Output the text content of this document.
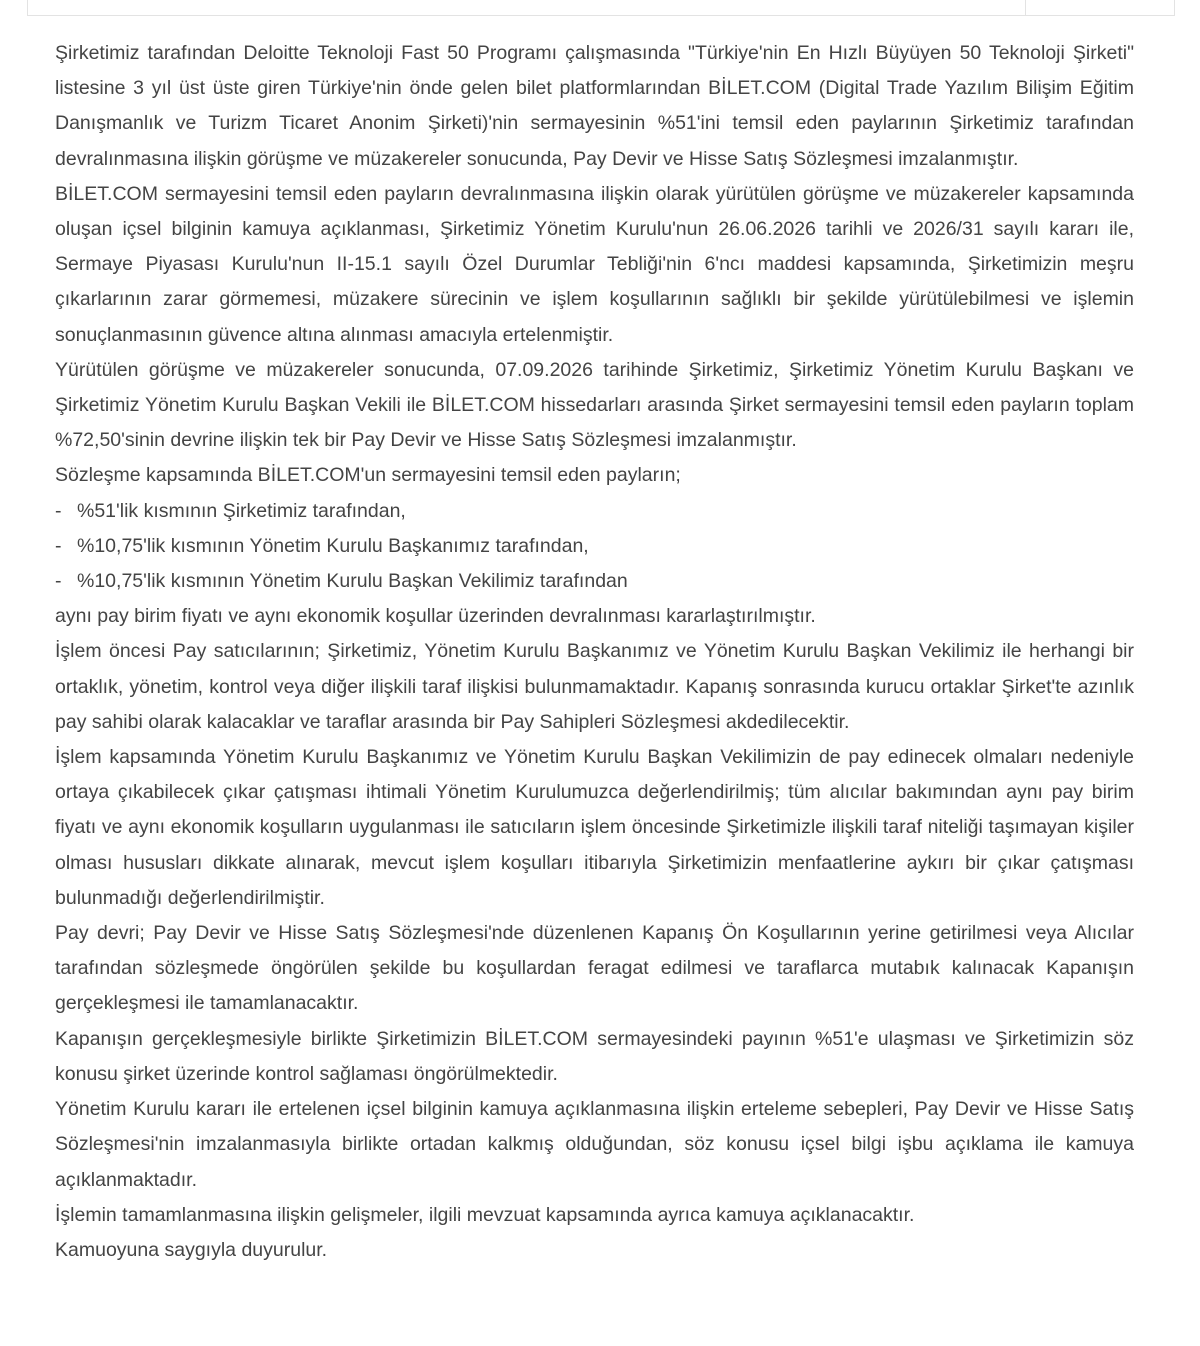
Şirketimiz tarafından Deloitte Teknoloji Fast 50 Programı çalışmasında "Türkiye'nin En Hızlı Büyüyen 50 Teknoloji Şirketi" listesine 3 yıl üst üste giren Türkiye'nin önde gelen bilet platformlarından BİLET.COM (Digital Trade Yazılım Bilişim Eğitim Danışmanlık ve Turizm Ticaret Anonim Şirketi)'nin sermayesinin %51'ini temsil eden paylarının Şirketimiz tarafından devralınmasına ilişkin görüşme ve müzakereler sonucunda, Pay Devir ve Hisse Satış Sözleşmesi imzalanmıştır.

BİLET.COM sermayesini temsil eden payların devralınmasına ilişkin olarak yürütülen görüşme ve müzakereler kapsamında oluşan içsel bilginin kamuya açıklanması, Şirketimiz Yönetim Kurulu'nun 26.06.2026 tarihli ve 2026/31 sayılı kararı ile, Sermaye Piyasası Kurulu'nun II-15.1 sayılı Özel Durumlar Tebliği'nin 6'ncı maddesi kapsamında, Şirketimizin meşru çıkarlarının zarar görmemesi, müzakere sürecinin ve işlem koşullarının sağlıklı bir şekilde yürütülebilmesi ve işlemin sonuçlanmasının güvence altına alınması amacıyla ertelenmiştir.

Yürütülen görüşme ve müzakereler sonucunda, 07.09.2026 tarihinde Şirketimiz, Şirketimiz Yönetim Kurulu Başkanı ve Şirketimiz Yönetim Kurulu Başkan Vekili ile BİLET.COM hissedarları arasında Şirket sermayesini temsil eden payların toplam %72,50'sinin devrine ilişkin tek bir Pay Devir ve Hisse Satış Sözleşmesi imzalanmıştır.

Sözleşme kapsamında BİLET.COM'un sermayesini temsil eden payların;

- %51'lik kısmının Şirketimiz tarafından,
- %10,75'lik kısmının Yönetim Kurulu Başkanımız tarafından,
- %10,75'lik kısmının Yönetim Kurulu Başkan Vekilimiz tarafından

aynı pay birim fiyatı ve aynı ekonomik koşullar üzerinden devralınması kararlaştırılmıştır.

İşlem öncesi Pay satıcılarının; Şirketimiz, Yönetim Kurulu Başkanımız ve Yönetim Kurulu Başkan Vekilimiz ile herhangi bir ortaklık, yönetim, kontrol veya diğer ilişkili taraf ilişkisi bulunmamaktadır. Kapanış sonrasında kurucu ortaklar Şirket'te azınlık pay sahibi olarak kalacaklar ve taraflar arasında bir Pay Sahipleri Sözleşmesi akdedilecektir.

İşlem kapsamında Yönetim Kurulu Başkanımız ve Yönetim Kurulu Başkan Vekilimizin de pay edinecek olmaları nedeniyle ortaya çıkabilecek çıkar çatışması ihtimali Yönetim Kurulumuzca değerlendirilmiş; tüm alıcılar bakımından aynı pay birim fiyatı ve aynı ekonomik koşulların uygulanması ile satıcıların işlem öncesinde Şirketimizle ilişkili taraf niteliği taşımayan kişiler olması hususları dikkate alınarak, mevcut işlem koşulları itibarıyla Şirketimizin menfaatlerine aykırı bir çıkar çatışması bulunmadığı değerlendirilmiştir.

Pay devri; Pay Devir ve Hisse Satış Sözleşmesi'nde düzenlenen Kapanış Ön Koşullarının yerine getirilmesi veya Alıcılar tarafından sözleşmede öngörülen şekilde bu koşullardan feragat edilmesi ve taraflarca mutabık kalınacak Kapanışın gerçekleşmesi ile tamamlanacaktır.

Kapanışın gerçekleşmesiyle birlikte Şirketimizin BİLET.COM sermayesindeki payının %51'e ulaşması ve Şirketimizin söz konusu şirket üzerinde kontrol sağlaması öngörülmektedir.

Yönetim Kurulu kararı ile ertelenen içsel bilginin kamuya açıklanmasına ilişkin erteleme sebepleri, Pay Devir ve Hisse Satış Sözleşmesi'nin imzalanmasıyla birlikte ortadan kalkmış olduğundan, söz konusu içsel bilgi işbu açıklama ile kamuya açıklanmaktadır.

İşlemin tamamlanmasına ilişkin gelişmeler, ilgili mevzuat kapsamında ayrıca kamuya açıklanacaktır.

Kamuoyuna saygıyla duyurulur.
